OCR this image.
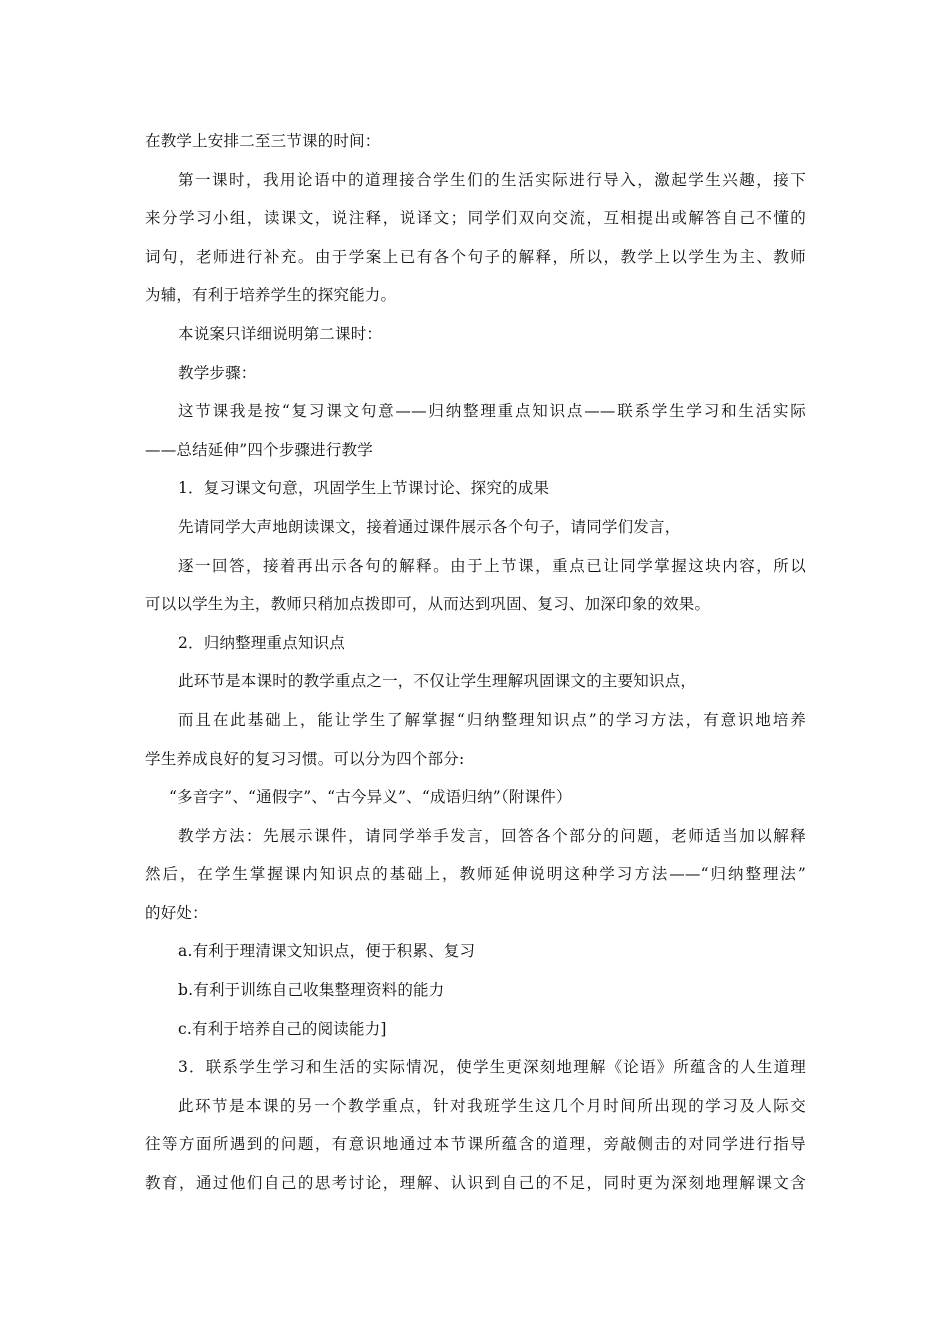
在教学上安排二至三节课的时间：

第一课时，我用论语中的道理接合学生们的生活实际进行导入，激起学生兴趣，接下
来分学习小组，读课文，说注释，说译文；同学们双向交流，互相提出或解答自己不懂的
词句，老师进行补充。由于学案上已有各个句子的解释，所以，教学上以学生为主、教师
为辅，有利于培养学生的探究能力。

本说案只详细说明第二课时：

教学步骤：

这节课我是按“复习课文句意——归纳整理重点知识点——联系学生学习和生活实际
——总结延伸”四个步骤进行教学

1．复习课文句意，巩固学生上节课讨论、探究的成果

先请同学大声地朗读课文，接着通过课件展示各个句子，请同学们发言，

逐一回答，接着再出示各句的解释。由于上节课，重点已让同学掌握这块内容，所以
可以以学生为主，教师只稍加点拨即可，从而达到巩固、复习、加深印象的效果。

2．归纳整理重点知识点

此环节是本课时的教学重点之一，不仅让学生理解巩固课文的主要知识点，

而且在此基础上，能让学生了解掌握“归纳整理知识点”的学习方法，有意识地培养
学生养成良好的复习习惯。可以分为四个部分:

“多音字”、“通假字”、“古今异义”、“成语归纳”（附课件）

教学方法：先展示课件，请同学举手发言，回答各个部分的问题，老师适当加以解释
然后，在学生掌握课内知识点的基础上，教师延伸说明这种学习方法——“归纳整理法”
的好处：

a.有利于理清课文知识点，便于积累、复习

b.有利于训练自己收集整理资料的能力

c.有利于培养自己的阅读能力]

3．联系学生学习和生活的实际情况，使学生更深刻地理解《论语》所蕴含的人生道理

此环节是本课的另一个教学重点，针对我班学生这几个月时间所出现的学习及人际交
往等方面所遇到的问题，有意识地通过本节课所蕴含的道理，旁敲侧击的对同学进行指导
教育，通过他们自己的思考讨论，理解、认识到自己的不足，同时更为深刻地理解课文含
